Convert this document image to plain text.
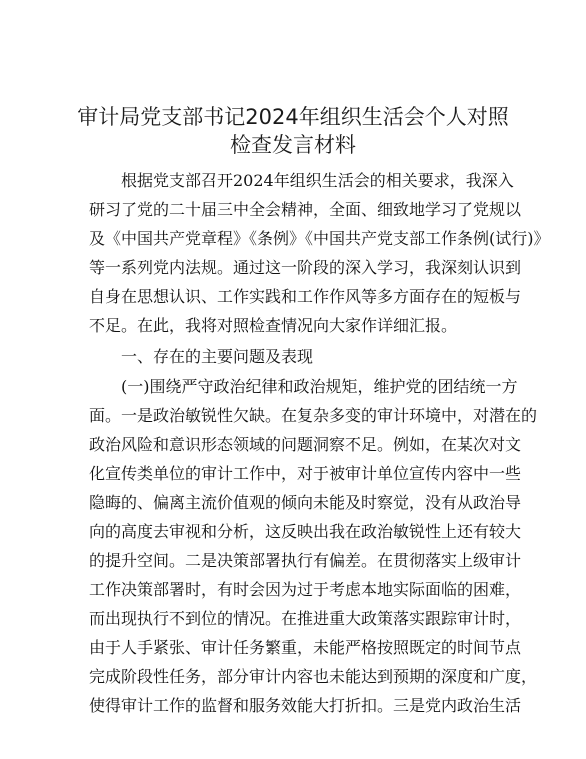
审计局党支部书记2024年组织生活会个人对照
检查发言材料

根据党支部召开2024年组织生活会的相关要求，我深入

研习了党的二十届三中全会精神，全面、细致地学习了党规以

及《中国共产党章程》《条例》《中国共产党支部工作条例(试行)》

等一系列党内法规。通过这一阶段的深入学习，我深刻认识到

自身在思想认识、工作实践和工作作风等多方面存在的短板与

不足。在此，我将对照检查情况向大家作详细汇报。

一、存在的主要问题及表现

(一)围绕严守政治纪律和政治规矩，维护党的团结统一方

面。一是政治敏锐性欠缺。在复杂多变的审计环境中，对潜在的

政治风险和意识形态领域的问题洞察不足。例如，在某次对文

化宣传类单位的审计工作中，对于被审计单位宣传内容中一些

隐晦的、偏离主流价值观的倾向未能及时察觉，没有从政治导

向的高度去审视和分析，这反映出我在政治敏锐性上还有较大

的提升空间。二是决策部署执行有偏差。在贯彻落实上级审计

工作决策部署时，有时会因为过于考虑本地实际面临的困难，

而出现执行不到位的情况。在推进重大政策落实跟踪审计时，

由于人手紧张、审计任务繁重，未能严格按照既定的时间节点

完成阶段性任务，部分审计内容也未能达到预期的深度和广度，

使得审计工作的监督和服务效能大打折扣。三是党内政治生活
